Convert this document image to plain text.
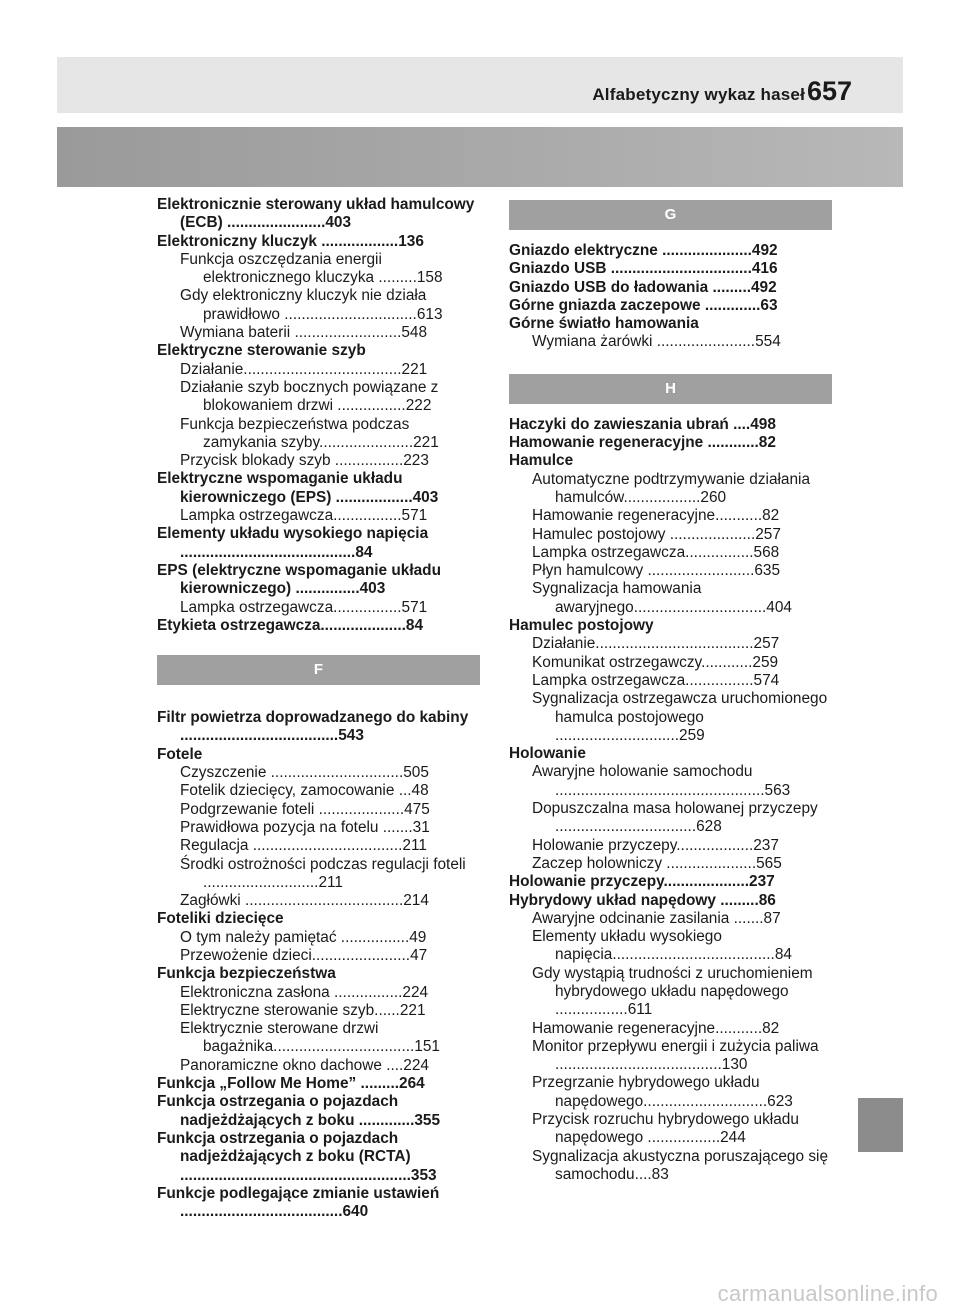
Alfabetyczny wykaz haseł 657
Elektronicznie sterowany układ hamulcowy (ECB) .......................403
Elektroniczny kluczyk ..................136
Funkcja oszczędzania energii elektronicznego kluczyka .........158
Gdy elektroniczny kluczyk nie działa prawidłowo ...............................613
Wymiana baterii .........................548
Elektryczne sterowanie szyb
Działanie.....................................221
Działanie szyb bocznych powiązane z blokowaniem drzwi ................222
Funkcja bezpieczeństwa podczas zamykania szyby......................221
Przycisk blokady szyb ................223
Elektryczne wspomaganie układu kierowniczego (EPS) ..................403
Lampka ostrzegawcza................571
Elementy układu wysokiego napięcia .........................................84
EPS (elektryczne wspomaganie układu kierowniczego) ...............403
Lampka ostrzegawcza................571
Etykieta ostrzegawcza....................84
F
Filtr powietrza doprowadzanego do kabiny .....................................543
Fotele
Czyszczenie ...............................505
Fotelik dziecięcy, zamocowanie ...48
Podgrzewanie foteli ....................475
Prawidłowa pozycja na fotelu .......31
Regulacja ...................................211
Środki ostrożności podczas regulacji foteli ...........................211
Zagłówki .....................................214
Foteliki dziecięce
O tym należy pamiętać ................49
Przewożenie dzieci.......................47
Funkcja bezpieczeństwa
Elektroniczna zasłona ................224
Elektryczne sterowanie szyb......221
Elektrycznie sterowane drzwi bagażnika.................................151
Panoramiczne okno dachowe ....224
Funkcja „Follow Me Home” .........264
Funkcja ostrzegania o pojazdach nadjeżdżających z boku .............355
Funkcja ostrzegania o pojazdach nadjeżdżających z boku (RCTA) ......................................................353
Funkcje podlegające zmianie ustawień ......................................640
G
Gniazdo elektryczne .....................492
Gniazdo USB .................................416
Gniazdo USB do ładowania .........492
Górne gniazda zaczepowe .............63
Górne światło hamowania
Wymiana żarówki .......................554
H
Haczyki do zawieszania ubrań ....498
Hamowanie regeneracyjne ............82
Hamulce
Automatyczne podtrzymywanie działania hamulców..................260
Hamowanie regeneracyjne...........82
Hamulec postojowy ....................257
Lampka ostrzegawcza................568
Płyn hamulcowy .........................635
Sygnalizacja hamowania awaryjnego...............................404
Hamulec postojowy
Działanie.....................................257
Komunikat ostrzegawczy............259
Lampka ostrzegawcza................574
Sygnalizacja ostrzegawcza uruchomionego hamulca postojowego .............................259
Holowanie
Awaryjne holowanie samochodu .................................................563
Dopuszczalna masa holowanej przyczepy .................................628
Holowanie przyczepy..................237
Zaczep holowniczy .....................565
Holowanie przyczepy....................237
Hybrydowy układ napędowy .........86
Awaryjne odcinanie zasilania .......87
Elementy układu wysokiego napięcia......................................84
Gdy wystąpią trudności z uruchomieniem hybrydowego układu napędowego .................611
Hamowanie regeneracyjne...........82
Monitor przepływu energii i zużycia paliwa .......................................130
Przegrzanie hybrydowego układu napędowego.............................623
Przycisk rozruchu hybrydowego układu napędowego .................244
Sygnalizacja akustyczna poruszającego się samochodu....83
carmanualsonline.info
